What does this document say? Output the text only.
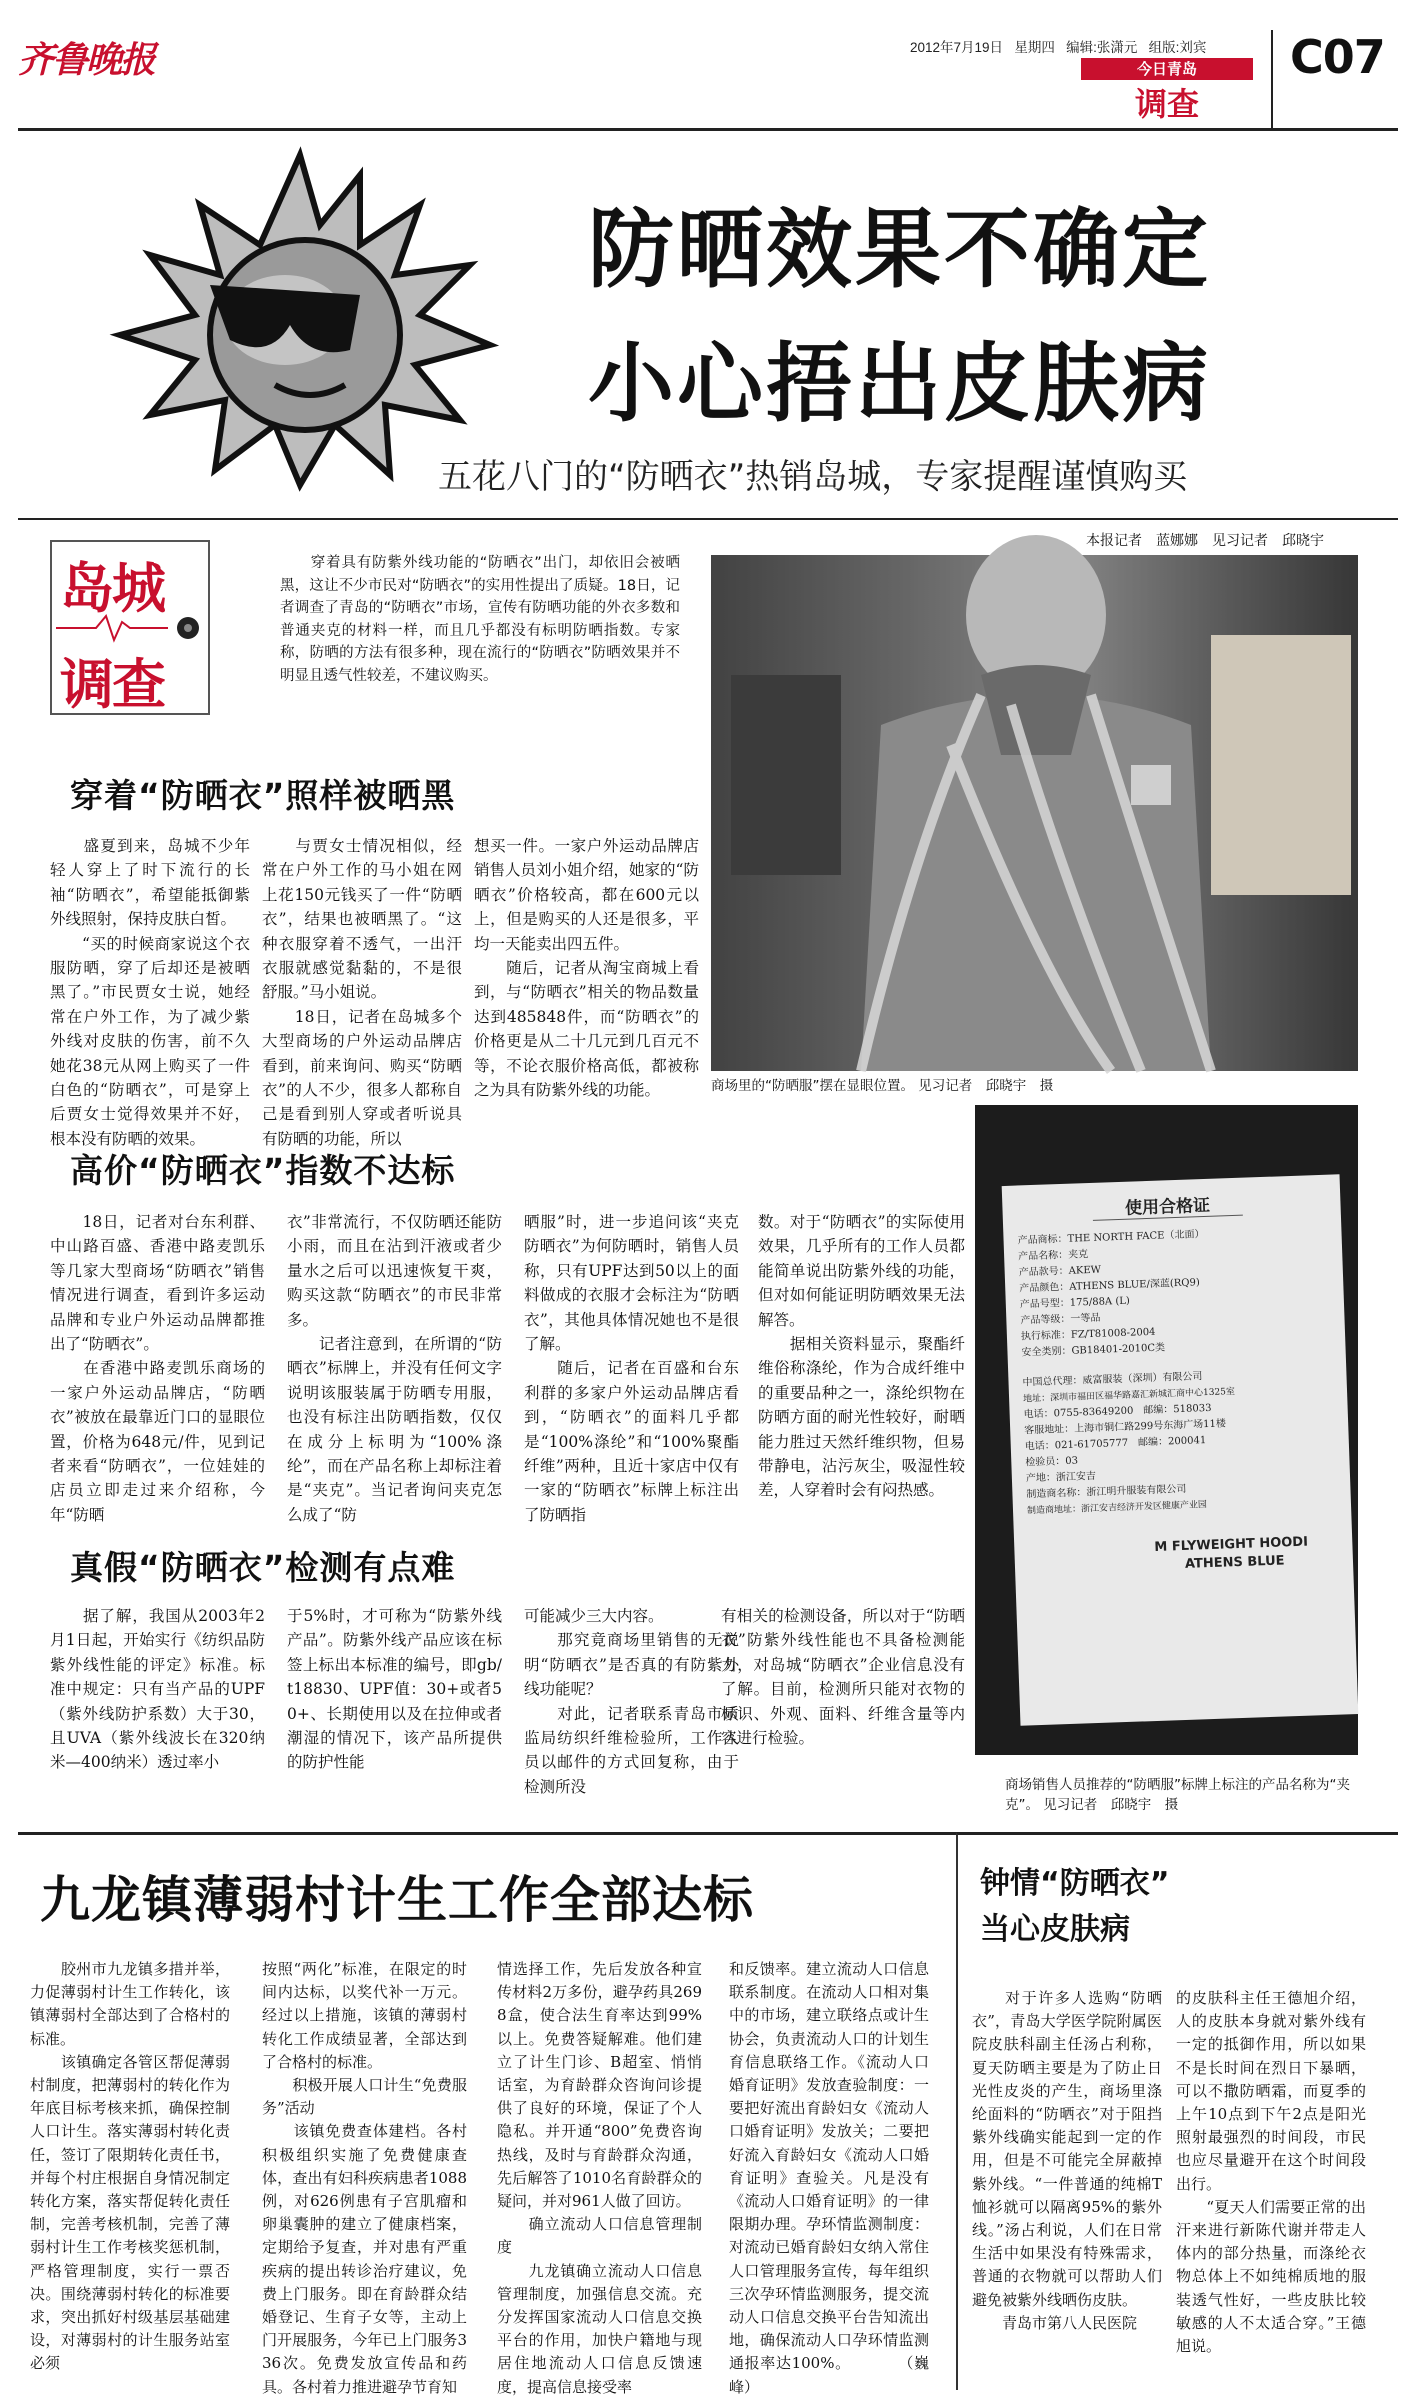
齐鲁晚报	2012年7月19日 星期四 编辑:张潇元 组版:刘宾
今日青岛
调查
C07
防晒效果不确定
小心捂出皮肤病
五花八门的“防晒衣”热销岛城，专家提醒谨慎购买
岛城
调查
　　穿着具有防紫外线功能的“防晒衣”出门，却依旧会被晒黑，这让不少市民对“防晒衣”的实用性提出了质疑。18日，记者调查了青岛的“防晒衣”市场，宣传有防晒功能的外衣多数和普通夹克的材料一样，而且几乎都没有标明防晒指数。专家称，防晒的方法有很多种，现在流行的“防晒衣”防晒效果并不明显且透气性较差，不建议购买。
本报记者　蓝娜娜　见习记者　邱晓宇
商场里的“防晒服”摆在显眼位置。 见习记者　邱晓宇　摄
穿着“防晒衣”照样被晒黑
　　盛夏到来，岛城不少年轻人穿上了时下流行的长袖“防晒衣”，希望能抵御紫外线照射，保持皮肤白皙。
　　“买的时候商家说这个衣服防晒，穿了后却还是被晒黑了。”市民贾女士说，她经常在户外工作，为了减少紫外线对皮肤的伤害，前不久她花38元从网上购买了一件白色的“防晒衣”，可是穿上后贾女士觉得效果并不好，根本没有防晒的效果。
　　与贾女士情况相似，经常在户外工作的马小姐在网上花150元钱买了一件“防晒衣”，结果也被晒黑了。“这种衣服穿着不透气，一出汗衣服就感觉黏黏的，不是很舒服。”马小姐说。
　　18日，记者在岛城多个大型商场的户外运动品牌店看到，前来询问、购买“防晒衣”的人不少，很多人都称自己是看到别人穿或者听说具有防晒的功能，所以
想买一件。一家户外运动品牌店销售人员刘小姐介绍，她家的“防晒衣”价格较高，都在600元以上，但是购买的人还是很多，平均一天能卖出四五件。
　　随后，记者从淘宝商城上看到，与“防晒衣”相关的物品数量达到485848件，而“防晒衣”的价格更是从二十几元到几百元不等，不论衣服价格高低，都被称之为具有防紫外线的功能。
使用合格证
产品商标：THE NORTH FACE（北面）
产品名称：夹克
产品款号：AKEW
产品颜色：ATHENS BLUE/深蓝(RQ9)
产品号型：175/88A (L)
产品等级：一等品
执行标准：FZ/T81008-2004
安全类别：GB18401-2010C类
中国总代理：威富服装（深圳）有限公司
地址：深圳市福田区福华路嘉汇新城汇商中心1325室
电话：0755-83649200　邮编：518033
客服地址：上海市铜仁路299号东海广场11楼
电话：021-61705777　邮编：200041
检验员：03
产地：浙江安吉
制造商名称：浙江明升服装有限公司
制造商地址：浙江安吉经济开发区健康产业园
M FLYWEIGHT HOODI
ATHENS BLUE
商场销售人员推荐的“防晒服”标牌上标注的产品名称为“夹克”。 见习记者　邱晓宇　摄
高价“防晒衣”指数不达标
　　18日，记者对台东利群、中山路百盛、香港中路麦凯乐等几家大型商场“防晒衣”销售情况进行调查，看到许多运动品牌和专业户外运动品牌都推出了“防晒衣”。
　　在香港中路麦凯乐商场的一家户外运动品牌店，“防晒衣”被放在最靠近门口的显眼位置，价格为648元/件，见到记者来看“防晒衣”，一位娃娃的店员立即走过来介绍称，今年“防晒
衣”非常流行，不仅防晒还能防小雨，而且在沾到汗液或者少量水之后可以迅速恢复干爽，购买这款“防晒衣”的市民非常多。
　　记者注意到，在所谓的“防晒衣”标牌上，并没有任何文字说明该服装属于防晒专用服，也没有标注出防晒指数，仅仅在成分上标明为“100%涤纶”，而在产品名称上却标注着是“夹克”。当记者询问夹克怎么成了“防
晒服”时，进一步追问该“夹克防晒衣”为何防晒时，销售人员称，只有UPF达到50以上的面料做成的衣服才会标注为“防晒衣”，其他具体情况她也不是很了解。
　　随后，记者在百盛和台东利群的多家户外运动品牌店看到，“防晒衣”的面料几乎都是“100%涤纶”和“100%聚酯纤维”两种，且近十家店中仅有一家的“防晒衣”标牌上标注出了防晒指
数。对于“防晒衣”的实际使用效果，几乎所有的工作人员都能简单说出防紫外线的功能，但对如何能证明防晒效果无法解答。
　　据相关资料显示，聚酯纤维俗称涤纶，作为合成纤维中的重要品种之一，涤纶织物在防晒方面的耐光性较好，耐晒能力胜过天然纤维织物，但易带静电，沾污灰尘，吸湿性较差，人穿着时会有闷热感。
真假“防晒衣”检测有点难
　　据了解，我国从2003年2月1日起，开始实行《纺织品防紫外线性能的评定》标准。标准中规定：只有当产品的UPF（紫外线防护系数）大于30，且UVA（紫外线波长在320纳米—400纳米）透过率小
于5%时，才可称为“防紫外线产品”。防紫外线产品应该在标签上标出本标准的编号，即gb/t18830、UPF值：30+或者50+、长期使用以及在拉伸或者潮湿的情况下，该产品所提供的防护性能
可能减少三大内容。
　　那究竟商场里销售的无说明“防晒衣”是否真的有防紫外线功能呢？
　　对此，记者联系青岛市质监局纺织纤维检验所，工作人员以邮件的方式回复称，由于检测所没
有相关的检测设备，所以对于“防晒衣”防紫外线性能也不具备检测能力，对岛城“防晒衣”企业信息没有了解。目前，检测所只能对衣物的标识、外观、面料、纤维含量等内容进行检验。
九龙镇薄弱村计生工作全部达标
　　胶州市九龙镇多措并举，力促薄弱村计生工作转化，该镇薄弱村全部达到了合格村的标准。
　　该镇确定各管区帮促薄弱村制度，把薄弱村的转化作为年底目标考核来抓，确保控制人口计生。落实薄弱村转化责任，签订了限期转化责任书，并每个村庄根据自身情况制定转化方案，落实帮促转化责任制，完善考核机制，完善了薄弱村计生工作考核奖惩机制，严格管理制度，实行一票否决。围绕薄弱村转化的标准要求，突出抓好村级基层基础建设，对薄弱村的计生服务站室必须
按照“两化”标准，在限定的时间内达标，以奖代补一万元。经过以上措施，该镇的薄弱村转化工作成绩显著，全部达到了合格村的标准。
　　积极开展人口计生“免费服务”活动
　　该镇免费查体建档。各村积极组织实施了免费健康查体，查出有妇科疾病患者1088例，对626例患有子宫肌瘤和卵巢囊肿的建立了健康档案，定期给予复查，并对患有严重疾病的提出转诊治疗建议，免费上门服务。即在育龄群众结婚登记、生育子女等，主动上门开展服务，今年已上门服务336次。免费发放宣传品和药具。各村着力推进避孕节育知
情选择工作，先后发放各种宣传材料2万多份，避孕药具2698盒，使合法生育率达到99%以上。免费答疑解难。他们建立了计生门诊、B超室、悄悄话室，为育龄群众咨询问诊提供了良好的环境，保证了个人隐私。并开通“800”免费咨询热线，及时与育龄群众沟通，先后解答了1010名育龄群众的疑问，并对961人做了回访。
　　确立流动人口信息管理制度
　　九龙镇确立流动人口信息管理制度，加强信息交流。充分发挥国家流动人口信息交换平台的作用，加快户籍地与现居住地流动人口信息反馈速度，提高信息接受率
和反馈率。建立流动人口信息联系制度。在流动人口相对集中的市场，建立联络点或计生协会，负责流动人口的计划生育信息联络工作。《流动人口婚育证明》发放查验制度：一要把好流出育龄妇女《流动人口婚育证明》发放关；二要把好流入育龄妇女《流动人口婚育证明》查验关。凡是没有《流动人口婚育证明》的一律限期办理。孕环情监测制度：对流动已婚育龄妇女纳入常住人口管理服务宣传，每年组织三次孕环情监测服务，提交流动人口信息交换平台告知流出地，确保流动人口孕环情监测通报率达100%。　　　　（巍峰）
钟情“防晒衣”
当心皮肤病
　　对于许多人选购“防晒衣”，青岛大学医学院附属医院皮肤科副主任汤占利称，夏天防晒主要是为了防止日光性皮炎的产生，商场里涤纶面料的“防晒衣”对于阻挡紫外线确实能起到一定的作用，但是不可能完全屏蔽掉紫外线。“一件普通的纯棉T恤衫就可以隔离95%的紫外线。”汤占利说，人们在日常生活中如果没有特殊需求，普通的衣物就可以帮助人们避免被紫外线晒伤皮肤。
　　青岛市第八人民医院
的皮肤科主任王德旭介绍，人的皮肤本身就对紫外线有一定的抵御作用，所以如果不是长时间在烈日下暴晒，可以不撒防晒霜，而夏季的上午10点到下午2点是阳光照射最强烈的时间段，市民也应尽量避开在这个时间段出行。
　　“夏天人们需要正常的出汗来进行新陈代谢并带走人体内的部分热量，而涤纶衣物总体上不如纯棉质地的服装透气性好，一些皮肤比较敏感的人不太适合穿。”王德旭说。
